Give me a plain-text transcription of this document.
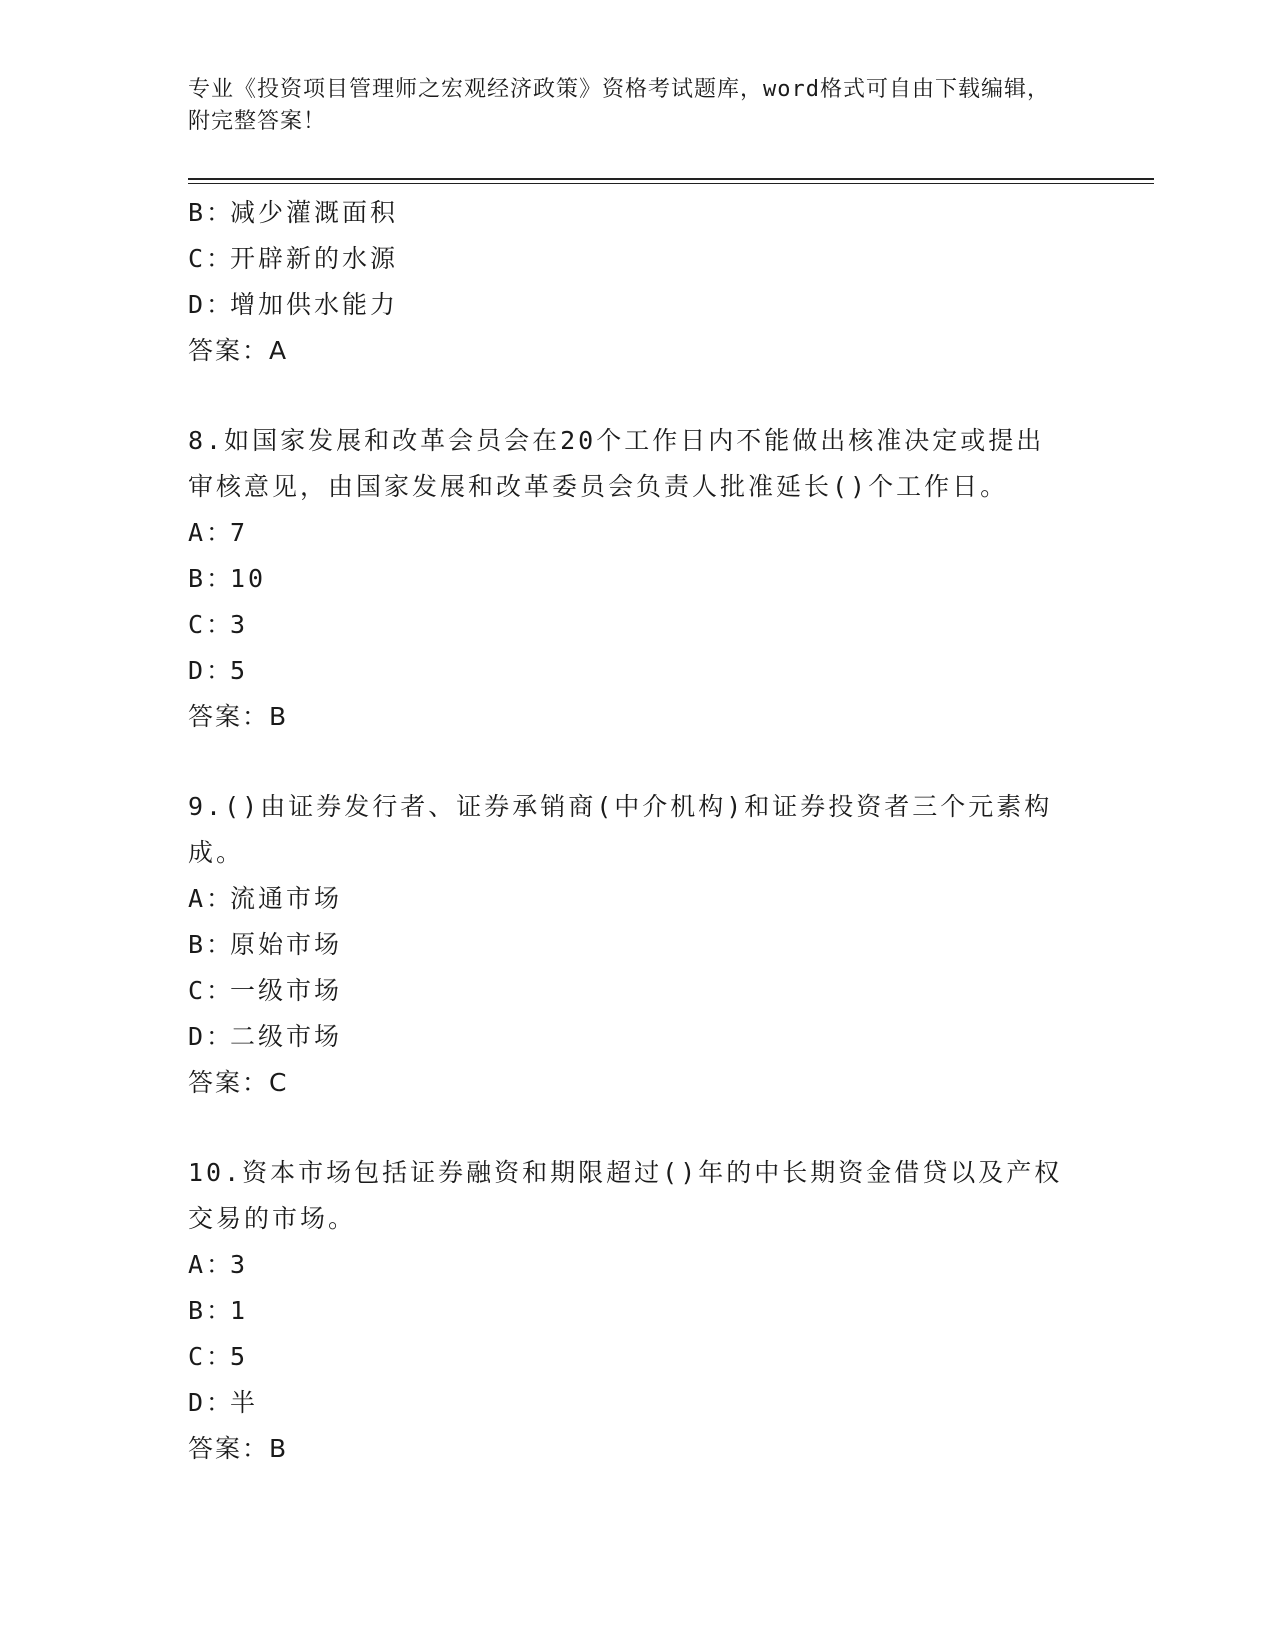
专业《投资项目管理师之宏观经济政策》资格考试题库，word格式可自由下载编辑，附完整答案！
B：减少灌溉面积
C：开辟新的水源
D：增加供水能力
答案：A
8.如国家发展和改革会员会在20个工作日内不能做出核准决定或提出审核意见，由国家发展和改革委员会负责人批准延长()个工作日。
A：7
B：10
C：3
D：5
答案：B
9.()由证券发行者、证券承销商(中介机构)和证券投资者三个元素构成。
A：流通市场
B：原始市场
C：一级市场
D：二级市场
答案：C
10.资本市场包括证券融资和期限超过()年的中长期资金借贷以及产权交易的市场。
A：3
B：1
C：5
D：半
答案：B
